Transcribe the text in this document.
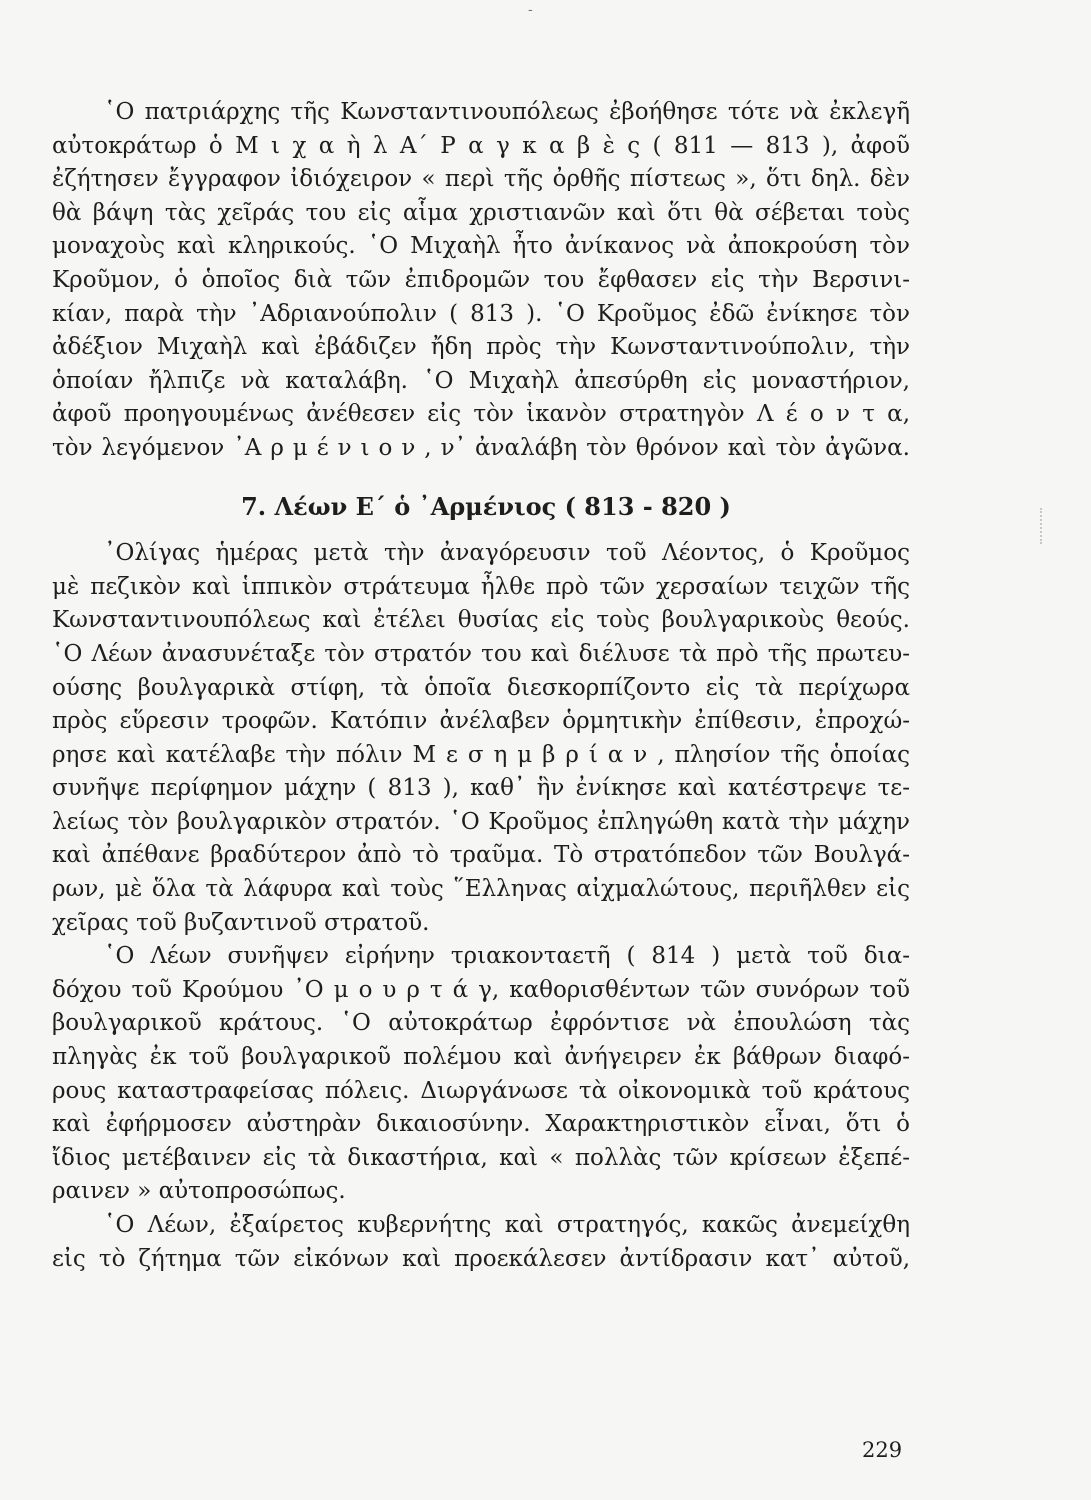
-
῾Ο πατριάρχης τῆς Κωνσταντινουπόλεως ἐβοήθησε τότε νὰ ἐκλεγῆ
αὐτοκράτωρ ὁ Μ ι χ α ὴ λ Α΄ Ρ α γ κ α β ὲ ς ( 811 — 813 ), ἀφοῦ
ἐζήτησεν ἔγγραφον ἰδιόχειρον « περὶ τῆς ὀρθῆς πίστεως », ὅτι δηλ. δὲν
θὰ βάψη τὰς χεῖράς του εἰς αἷμα χριστιανῶν καὶ ὅτι θὰ σέβεται τοὺς
μοναχοὺς καὶ κληρικούς. ῾Ο Μιχαὴλ ἦτο ἀνίκανος νὰ ἀποκρούση τὸν
Κροῦμον, ὁ ὁποῖος διὰ τῶν ἐπιδρομῶν του ἔφθασεν εἰς τὴν Βερσινι-
κίαν, παρὰ τὴν ᾿Αδριανούπολιν ( 813 ). ῾Ο Κροῦμος ἐδῶ ἐνίκησε τὸν
ἀδέξιον Μιχαὴλ καὶ ἐβάδιζεν ἤδη πρὸς τὴν Κωνσταντινούπολιν, τὴν
ὁποίαν ἤλπιζε νὰ καταλάβη. ῾Ο Μιχαὴλ ἀπεσύρθη εἰς μοναστήριον,
ἀφοῦ προηγουμένως ἀνέθεσεν εἰς τὸν ἱκανὸν στρατηγὸν Λ έ ο ν τ α,
τὸν λεγόμενον ᾿Α ρ μ έ ν ι ο ν , ν᾿ ἀναλάβη τὸν θρόνον καὶ τὸν ἀγῶνα.
7. Λέων Ε΄ ὁ ᾿Αρμένιος ( 813 - 820 )
᾿Ολίγας ἡμέρας μετὰ τὴν ἀναγόρευσιν τοῦ Λέοντος, ὁ Κροῦμος
μὲ πεζικὸν καὶ ἱππικὸν στράτευμα ἦλθε πρὸ τῶν χερσαίων τειχῶν τῆς
Κωνσταντινουπόλεως καὶ ἐτέλει θυσίας εἰς τοὺς βουλγαρικοὺς θεούς.
῾Ο Λέων ἀνασυνέταξε τὸν στρατόν του καὶ διέλυσε τὰ πρὸ τῆς πρωτευ-
ούσης βουλγαρικὰ στίφη, τὰ ὁποῖα διεσκορπίζοντο εἰς τὰ περίχωρα
πρὸς εὕρεσιν τροφῶν. Κατόπιν ἀνέλαβεν ὁρμητικὴν ἐπίθεσιν, ἐπροχώ-
ρησε καὶ κατέλαβε τὴν πόλιν Μ ε σ η μ β ρ ί α ν , πλησίον τῆς ὁποίας
συνῆψε περίφημον μάχην ( 813 ), καθ᾿ ἣν ἐνίκησε καὶ κατέστρεψε τε-
λείως τὸν βουλγαρικὸν στρατόν. ῾Ο Κροῦμος ἐπληγώθη κατὰ τὴν μάχην
καὶ ἀπέθανε βραδύτερον ἀπὸ τὸ τραῦμα. Τὸ στρατόπεδον τῶν Βουλγά-
ρων, μὲ ὅλα τὰ λάφυρα καὶ τοὺς ῞Ελληνας αἰχμαλώτους, περιῆλθεν εἰς
χεῖρας τοῦ βυζαντινοῦ στρατοῦ.
῾Ο Λέων συνῆψεν εἰρήνην τριακονταετῆ ( 814 ) μετὰ τοῦ δια-
δόχου τοῦ Κρούμου ᾿Ο μ ο υ ρ τ ά γ, καθορισθέντων τῶν συνόρων τοῦ
βουλγαρικοῦ κράτους. ῾Ο αὐτοκράτωρ ἐφρόντισε νὰ ἐπουλώση τὰς
πληγὰς ἐκ τοῦ βουλγαρικοῦ πολέμου καὶ ἀνήγειρεν ἐκ βάθρων διαφό-
ρους καταστραφείσας πόλεις. Διωργάνωσε τὰ οἰκονομικὰ τοῦ κράτους
καὶ ἐφήρμοσεν αὐστηρὰν δικαιοσύνην. Χαρακτηριστικὸν εἶναι, ὅτι ὁ
ἴδιος μετέβαινεν εἰς τὰ δικαστήρια, καὶ « πολλὰς τῶν κρίσεων ἐξεπέ-
ραινεν » αὐτοπροσώπως.
῾Ο Λέων, ἐξαίρετος κυβερνήτης καὶ στρατηγός, κακῶς ἀνεμείχθη
εἰς τὸ ζήτημα τῶν εἰκόνων καὶ προεκάλεσεν ἀντίδρασιν κατ᾿ αὐτοῦ,
229
